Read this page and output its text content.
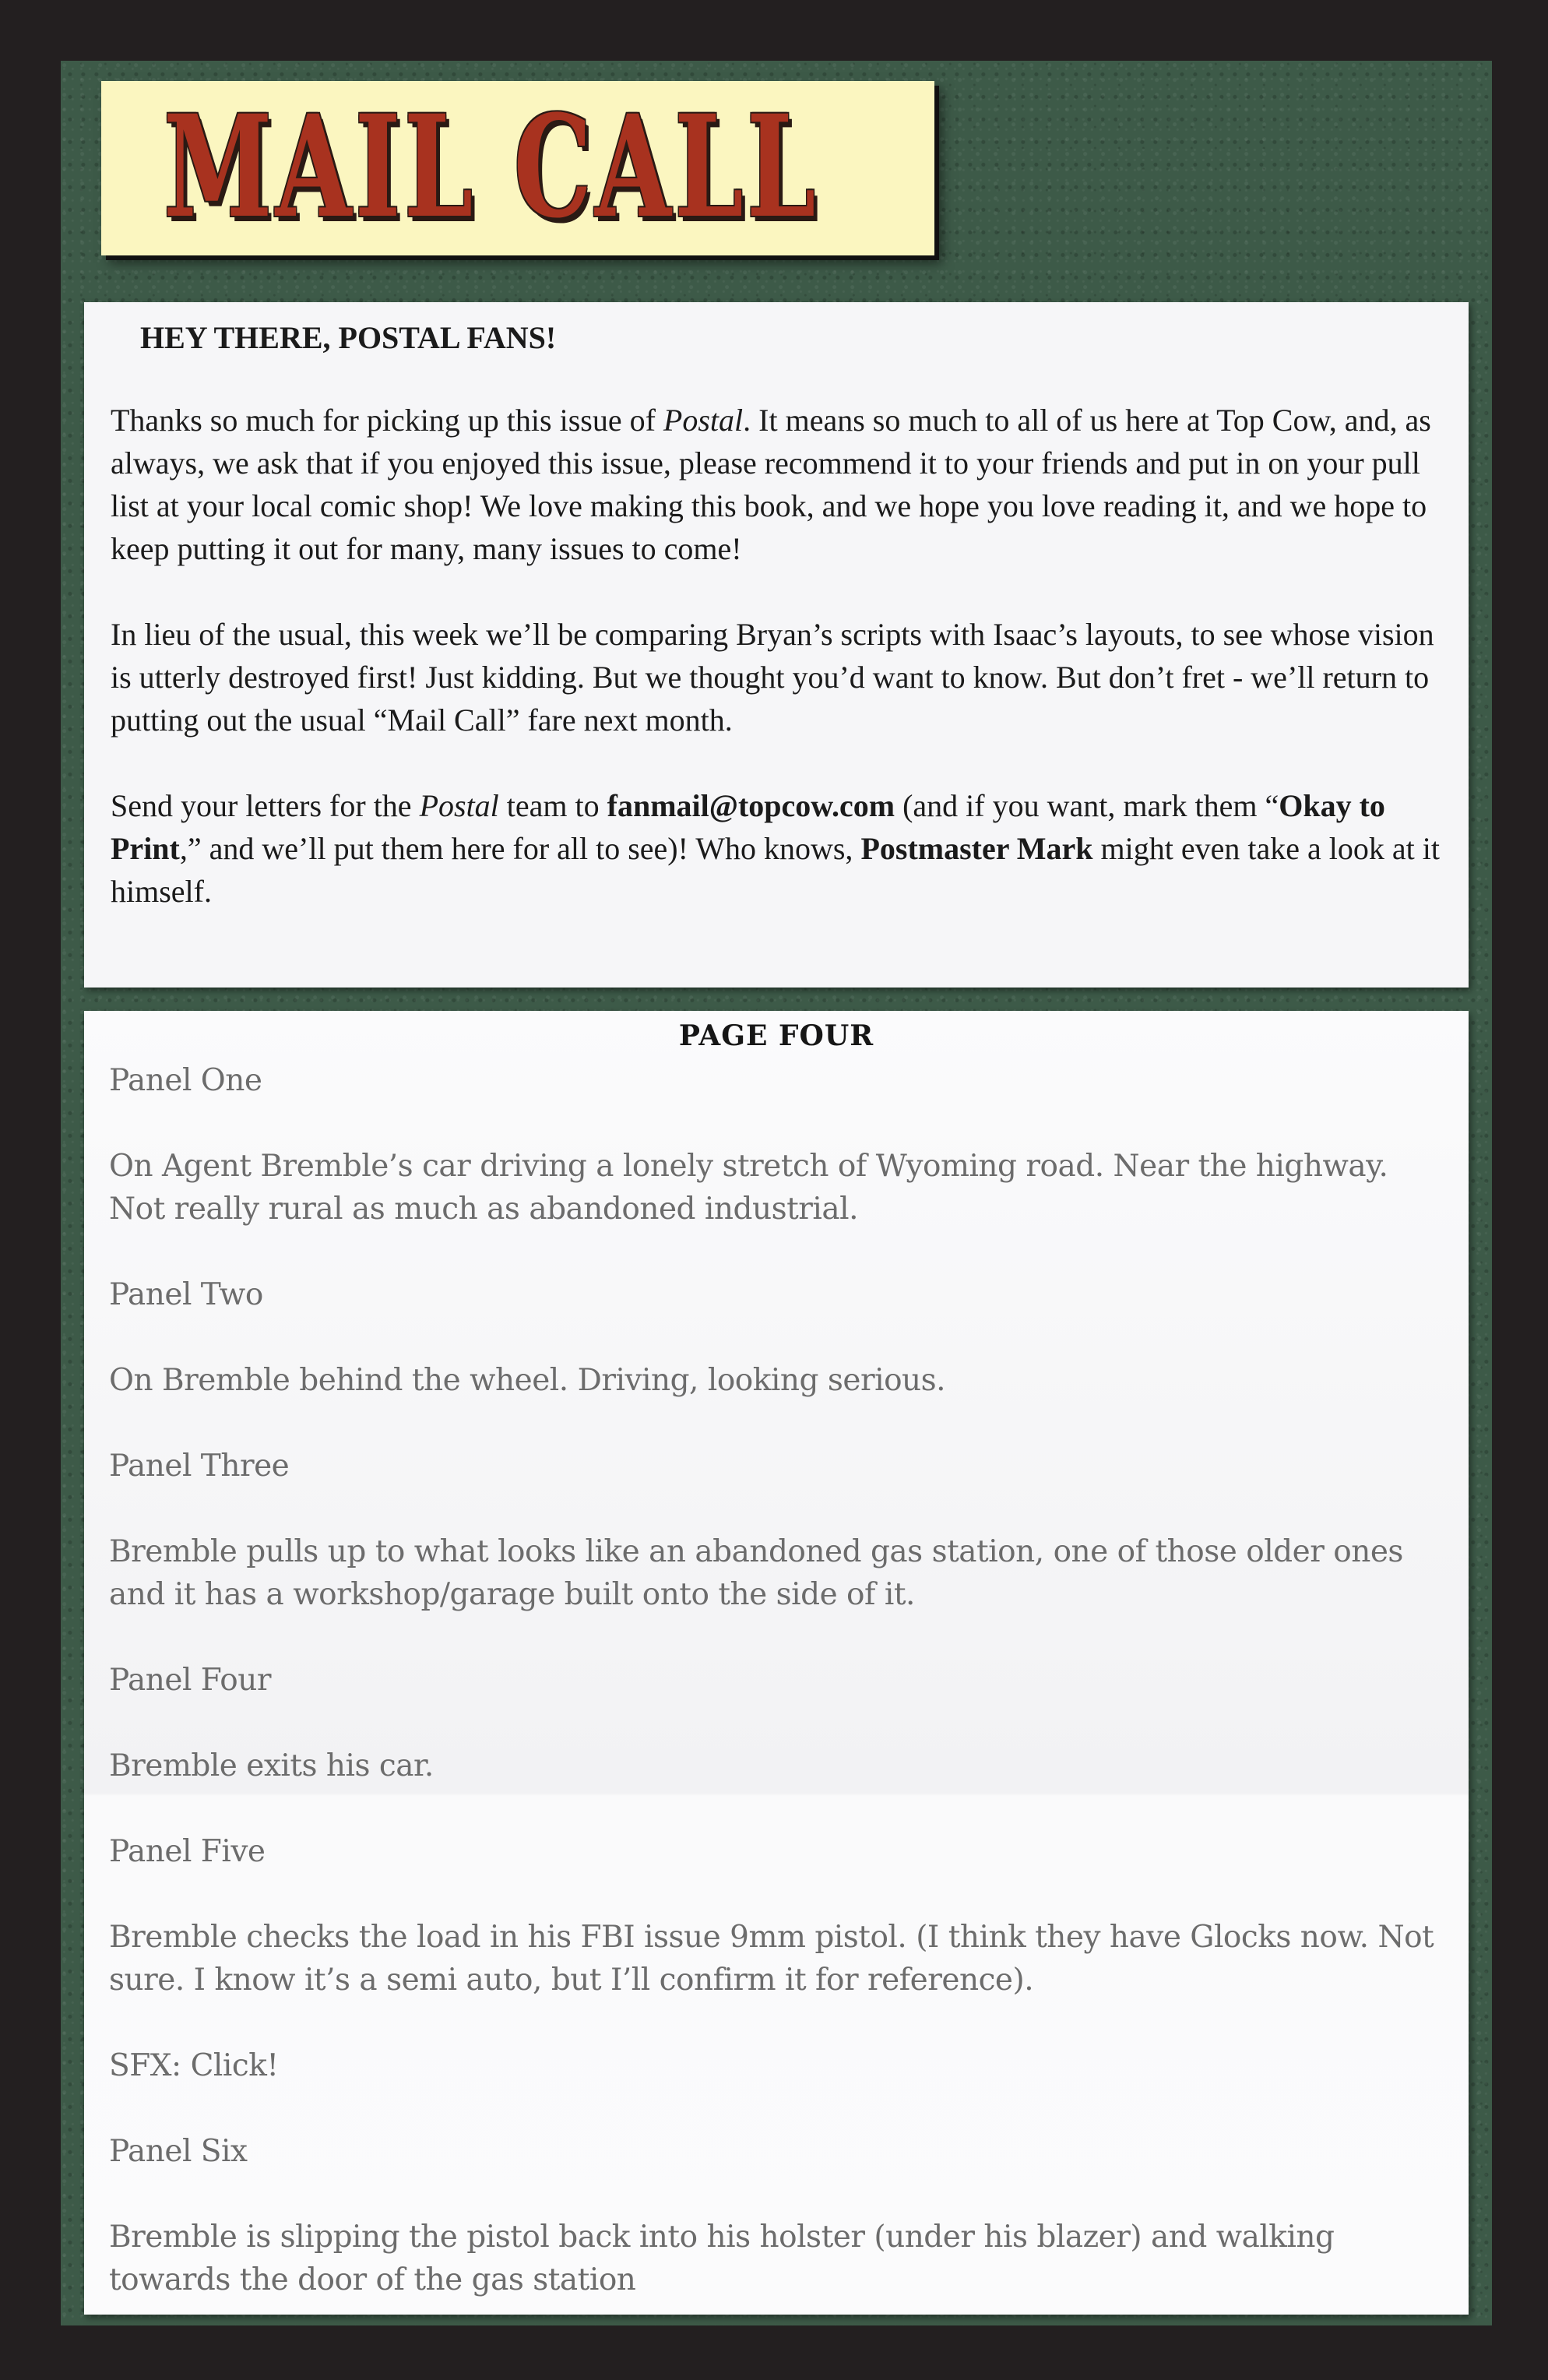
MAIL CALL
HEY THERE, POSTAL FANS!

Thanks so much for picking up this issue of Postal. It means so much to all of us here at Top Cow, and, as always, we ask that if you enjoyed this issue, please recommend it to your friends and put in on your pull list at your local comic shop! We love making this book, and we hope you love reading it, and we hope to keep putting it out for many, many issues to come!

In lieu of the usual, this week we’ll be comparing Bryan’s scripts with Isaac’s layouts, to see whose vision is utterly destroyed first! Just kidding. But we thought you’d want to know. But don’t fret - we’ll return to putting out the usual “Mail Call” fare next month.

Send your letters for the Postal team to fanmail@topcow.com (and if you want, mark them “Okay to Print,” and we’ll put them here for all to see)! Who knows, Postmaster Mark might even take a look at it himself.

PAGE FOUR

Panel One

On Agent Bremble’s car driving a lonely stretch of Wyoming road. Near the highway. Not really rural as much as abandoned industrial.

Panel Two

On Bremble behind the wheel. Driving, looking serious.

Panel Three

Bremble pulls up to what looks like an abandoned gas station, one of those older ones and it has a workshop/garage built onto the side of it.

Panel Four

Bremble exits his car.

Panel Five

Bremble checks the load in his FBI issue 9mm pistol. (I think they have Glocks now. Not sure. I know it’s a semi auto, but I’ll confirm it for reference).

SFX: Click!

Panel Six

Bremble is slipping the pistol back into his holster (under his blazer) and walking towards the door of the gas station
